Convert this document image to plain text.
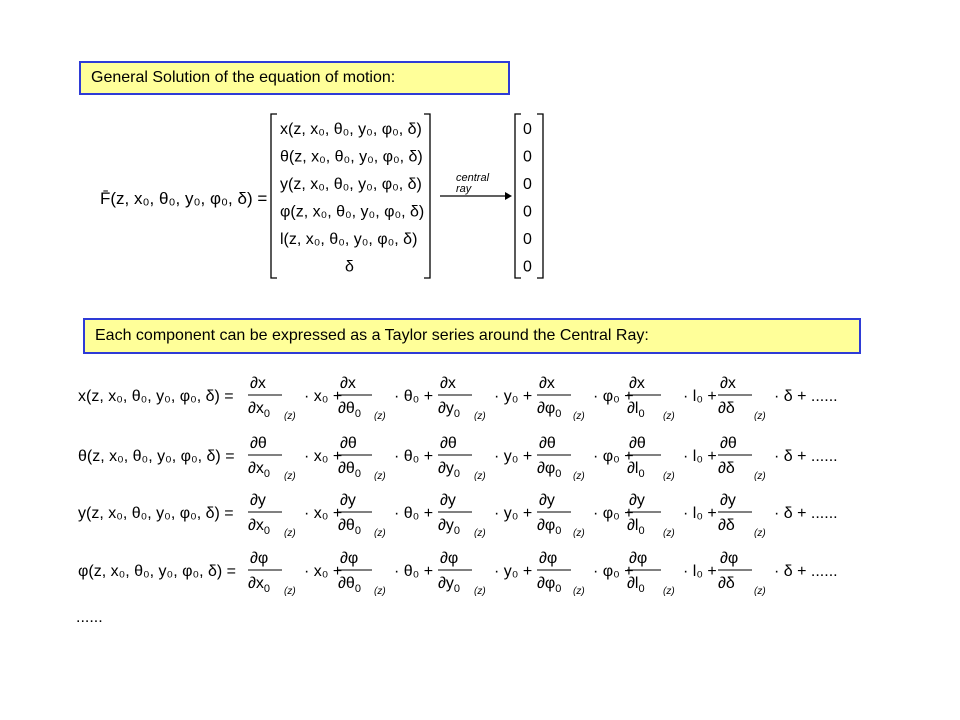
General Solution of the equation of motion:
F̄(z, x₀, θ₀, y₀, φ₀, δ) =
x(z, x₀, θ₀, y₀, φ₀, δ)
θ(z, x₀, θ₀, y₀, φ₀, δ)
y(z, x₀, θ₀, y₀, φ₀, δ)
φ(z, x₀, θ₀, y₀, φ₀, δ)
l(z, x₀, θ₀, y₀, φ₀, δ)
δ
central
ray
0
0
0
0
0
0
Each component can be expressed as a Taylor series around the Central Ray:
x(z, x₀, θ₀, y₀, φ₀, δ) =
∂x
$\partial x_0$ (z)
· x₀ +
∂x
$\partial\theta_0$ (z)
· θ₀ +
∂x
$\partial y_0$ (z)
· y₀ +
∂x
$\partial\varphi_0$ (z)
· φ₀ +
∂x
$\partial l_0$ (z)
· l₀ +
∂x
∂δ (z)
· δ + ......
θ(z, x₀, θ₀, y₀, φ₀, δ) =
∂θ
$\partial x_0$ (z)
· x₀ +
∂θ
$\partial\theta_0$ (z)
· θ₀ +
∂θ
$\partial y_0$ (z)
· y₀ +
∂θ
$\partial\varphi_0$ (z)
· φ₀ +
∂θ
$\partial l_0$ (z)
· l₀ +
∂θ
∂δ (z)
· δ + ......
y(z, x₀, θ₀, y₀, φ₀, δ) =
∂y
$\partial x_0$ (z)
· x₀ +
∂y
$\partial\theta_0$ (z)
· θ₀ +
∂y
$\partial y_0$ (z)
· y₀ +
∂y
$\partial\varphi_0$ (z)
· φ₀ +
∂y
$\partial l_0$ (z)
· l₀ +
∂y
∂δ (z)
· δ + ......
φ(z, x₀, θ₀, y₀, φ₀, δ) =
∂φ
$\partial x_0$ (z)
· x₀ +
∂φ
$\partial\theta_0$ (z)
· θ₀ +
∂φ
$\partial y_0$ (z)
· y₀ +
∂φ
$\partial\varphi_0$ (z)
· φ₀ +
∂φ
$\partial l_0$ (z)
· l₀ +
∂φ
∂δ (z)
· δ + ......
......
